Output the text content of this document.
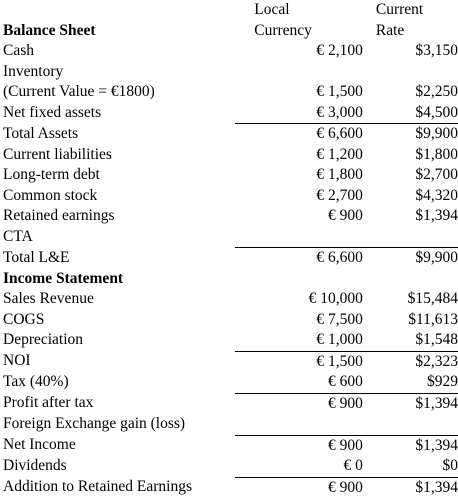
	Local		Current
Balance Sheet	Currency		Rate
Cash	€ 2,100		$3,150
Inventory			
(Current Value = €1800)	€ 1,500		$2,250
Net fixed assets	€ 3,000		$4,500
Total Assets	€ 6,600		$9,900
Current liabilities	€ 1,200		$1,800
Long-term debt	€ 1,800		$2,700
Common stock	€ 2,700		$4,320
Retained earnings	€ 900		$1,394
CTA			
Total L&E	€ 6,600		$9,900
Income Statement			
Sales Revenue	€ 10,000		$15,484
COGS	€ 7,500		$11,613
Depreciation	€ 1,000		$1,548
NOI	€ 1,500		$2,323
Tax (40%)	€ 600		$929
Profit after tax	€ 900		$1,394
Foreign Exchange gain (loss)			
Net Income	€ 900		$1,394
Dividends	€ 0		$0
Addition to Retained Earnings	€ 900		$1,394
